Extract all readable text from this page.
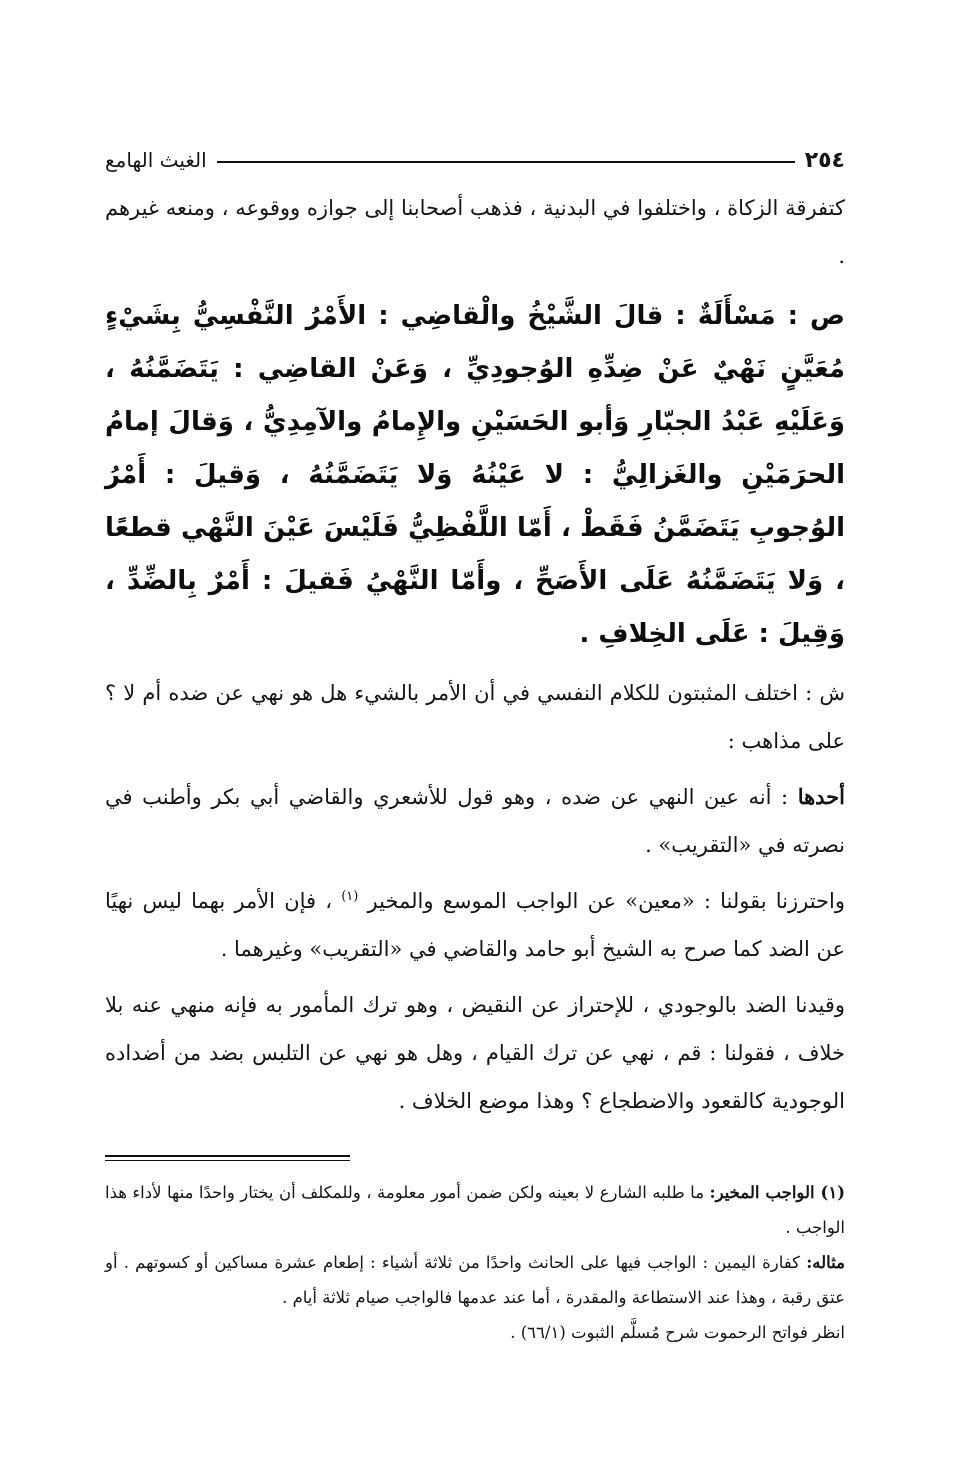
٢٥٤
الغيث الهامع

كتفرقة الزكاة ، واختلفوا في البدنية ، فذهب أصحابنا إلى جوازه ووقوعه ، ومنعه غيرهم .

ص : مَسْأَلَةٌ : قالَ الشَّيْخُ والْقاضِي : الأَمْرُ النَّفْسِيُّ بِشَيْءٍ مُعَيَّنٍ نَهْيٌ عَنْ ضِدِّهِ الوُجودِيِّ ، وَعَنْ القاضِي : يَتَضَمَّنُهُ ، وَعَلَيْهِ عَبْدُ الجبّارِ وَأبو الحَسَيْنِ والإِمامُ والآمِدِيُّ ، وَقالَ إمامُ الحرَمَيْنِ والغَزالِيُّ : لا عَيْنُهُ وَلا يَتَضَمَّنُهُ ، وَقيلَ : أَمْرُ الوُجوبِ يَتَضَمَّنُ فَقَطْ ، أَمّا اللَّفْظِيُّ فَلَيْسَ عَيْنَ النَّهْي قطعًا ، وَلا يَتَضَمَّنُهُ عَلَى الأَصَحِّ ، وأَمّا النَّهْيُ فَقيلَ : أَمْرٌ بِالضِّدِّ ، وَقِيلَ : عَلَى الخِلافِ .

ش : اختلف المثبتون للكلام النفسي في أن الأمر بالشيء هل هو نهي عن ضده أم لا ؟ على مذاهب :

أحدها : أنه عين النهي عن ضده ، وهو قول للأشعري والقاضي أبي بكر وأطنب في نصرته في «التقريب» .

واحترزنا بقولنا : «معين» عن الواجب الموسع والمخير $^{(١)}$ ، فإن الأمر بهما ليس نهيًا عن الضد كما صرح به الشيخ أبو حامد والقاضي في «التقريب» وغيرهما .

وقيدنا الضد بالوجودي ، للإحتراز عن النقيض ، وهو ترك المأمور به فإنه منهي عنه بلا خلاف ، فقولنا : قم ، نهي عن ترك القيام ، وهل هو نهي عن التلبس بضد من أضداده الوجودية كالقعود والاضطجاع ؟ وهذا موضع الخلاف .

(١) الواجب المخير: ما طلبه الشارع لا بعينه ولكن ضمن أمور معلومة ، وللمكلف أن يختار واحدًا منها لأداء هذا الواجب .

مثاله: كفارة اليمين : الواجب فيها على الحانث واحدًا من ثلاثة أشياء : إطعام عشرة مساكين أو كسوتهم . أو عتق رقبة ، وهذا عند الاستطاعة والمقدرة ، أما عند عدمها فالواجب صيام ثلاثة أيام .

انظر فواتح الرحموت شرح مُسلَّم الثبوت (٦٦/١) .
